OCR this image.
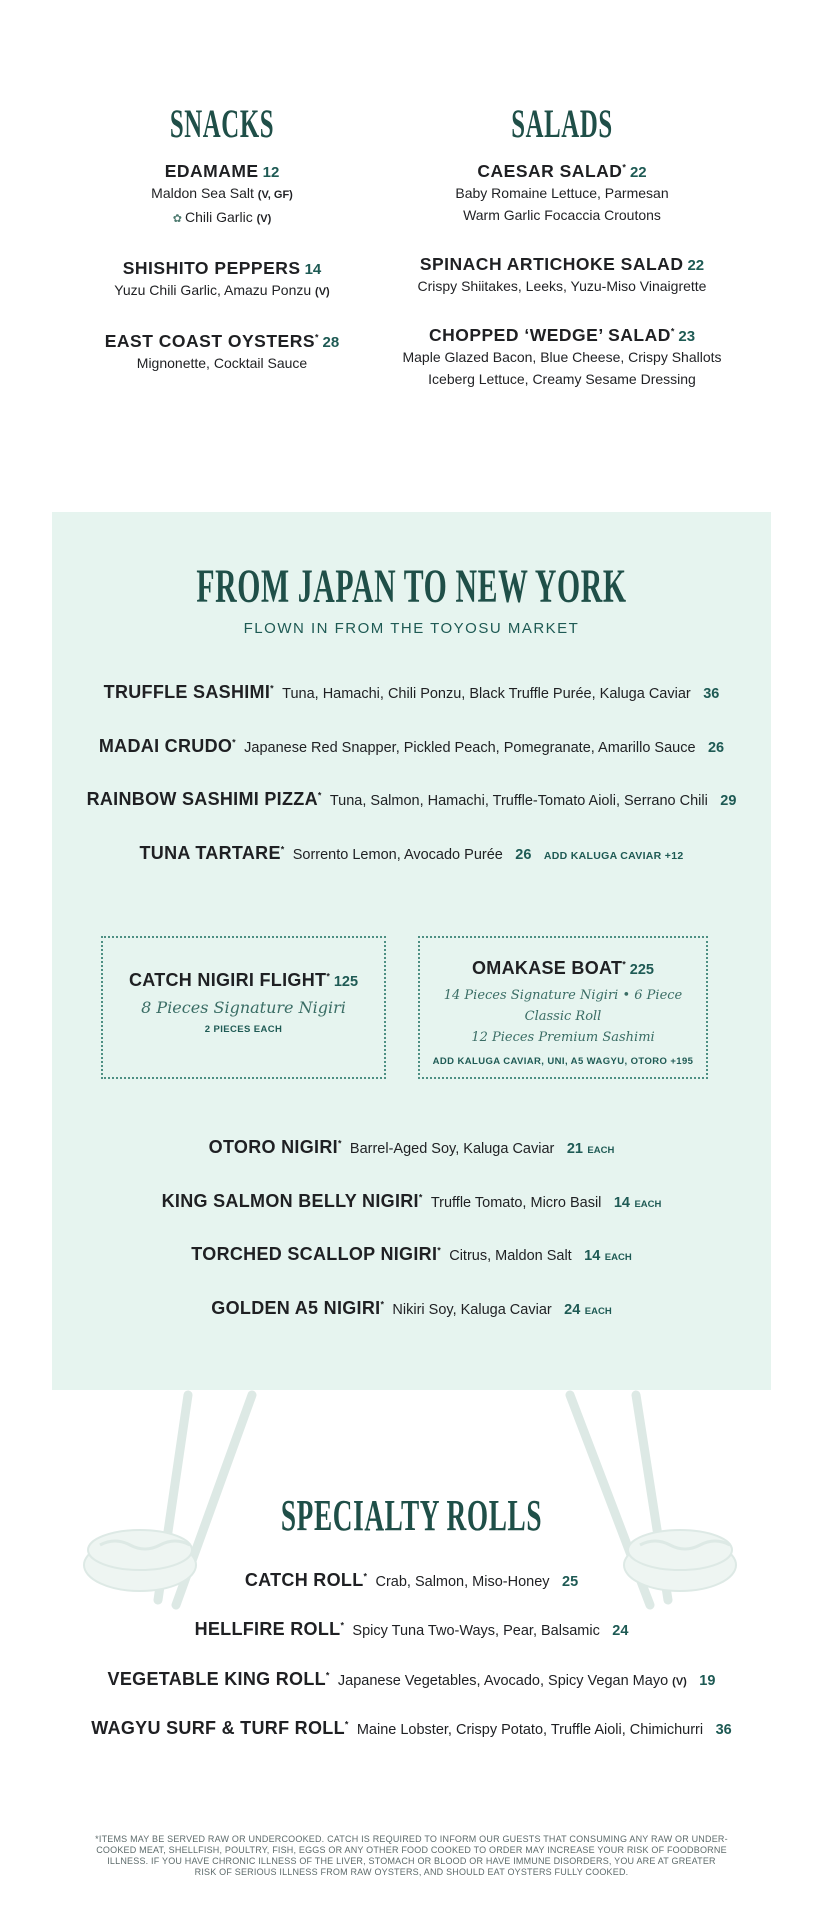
SNACKS
EDAMAME 12
Maldon Sea Salt (V, GF)
✿ Chili Garlic (V)
SHISHITO PEPPERS 14
Yuzu Chili Garlic, Amazu Ponzu (V)
EAST COAST OYSTERS* 28
Mignonette, Cocktail Sauce
SALADS
CAESAR SALAD* 22
Baby Romaine Lettuce, Parmesan
Warm Garlic Focaccia Croutons
SPINACH ARTICHOKE SALAD 22
Crispy Shiitakes, Leeks, Yuzu-Miso Vinaigrette
CHOPPED ‘WEDGE’ SALAD* 23
Maple Glazed Bacon, Blue Cheese, Crispy Shallots
Iceberg Lettuce, Creamy Sesame Dressing
FROM JAPAN TO NEW YORK
FLOWN IN FROM THE TOYOSU MARKET
TRUFFLE SASHIMI* Tuna, Hamachi, Chili Ponzu, Black Truffle Purée, Kaluga Caviar 36
MADAI CRUDO* Japanese Red Snapper, Pickled Peach, Pomegranate, Amarillo Sauce 26
RAINBOW SASHIMI PIZZA* Tuna, Salmon, Hamachi, Truffle-Tomato Aioli, Serrano Chili 29
TUNA TARTARE* Sorrento Lemon, Avocado Purée 26 ADD KALUGA CAVIAR +12
CATCH NIGIRI FLIGHT* 125
8 Pieces Signature Nigiri
2 PIECES EACH
OMAKASE BOAT* 225
14 Pieces Signature Nigiri • 6 Piece Classic Roll
12 Pieces Premium Sashimi
ADD KALUGA CAVIAR, UNI, A5 WAGYU, OTORO +195
OTORO NIGIRI* Barrel-Aged Soy, Kaluga Caviar 21 EACH
KING SALMON BELLY NIGIRI* Truffle Tomato, Micro Basil 14 EACH
TORCHED SCALLOP NIGIRI* Citrus, Maldon Salt 14 EACH
GOLDEN A5 NIGIRI* Nikiri Soy, Kaluga Caviar 24 EACH
SPECIALTY ROLLS
CATCH ROLL* Crab, Salmon, Miso-Honey 25
HELLFIRE ROLL* Spicy Tuna Two-Ways, Pear, Balsamic 24
VEGETABLE KING ROLL* Japanese Vegetables, Avocado, Spicy Vegan Mayo (V) 19
WAGYU SURF & TURF ROLL* Maine Lobster, Crispy Potato, Truffle Aioli, Chimichurri 36
*ITEMS MAY BE SERVED RAW OR UNDERCOOKED. CATCH IS REQUIRED TO INFORM OUR GUESTS THAT CONSUMING ANY RAW OR UNDER-COOKED MEAT, SHELLFISH, POULTRY, FISH, EGGS OR ANY OTHER FOOD COOKED TO ORDER MAY INCREASE YOUR RISK OF FOODBORNE ILLNESS. IF YOU HAVE CHRONIC ILLNESS OF THE LIVER, STOMACH OR BLOOD OR HAVE IMMUNE DISORDERS, YOU ARE AT GREATER RISK OF SERIOUS ILLNESS FROM RAW OYSTERS, AND SHOULD EAT OYSTERS FULLY COOKED.
